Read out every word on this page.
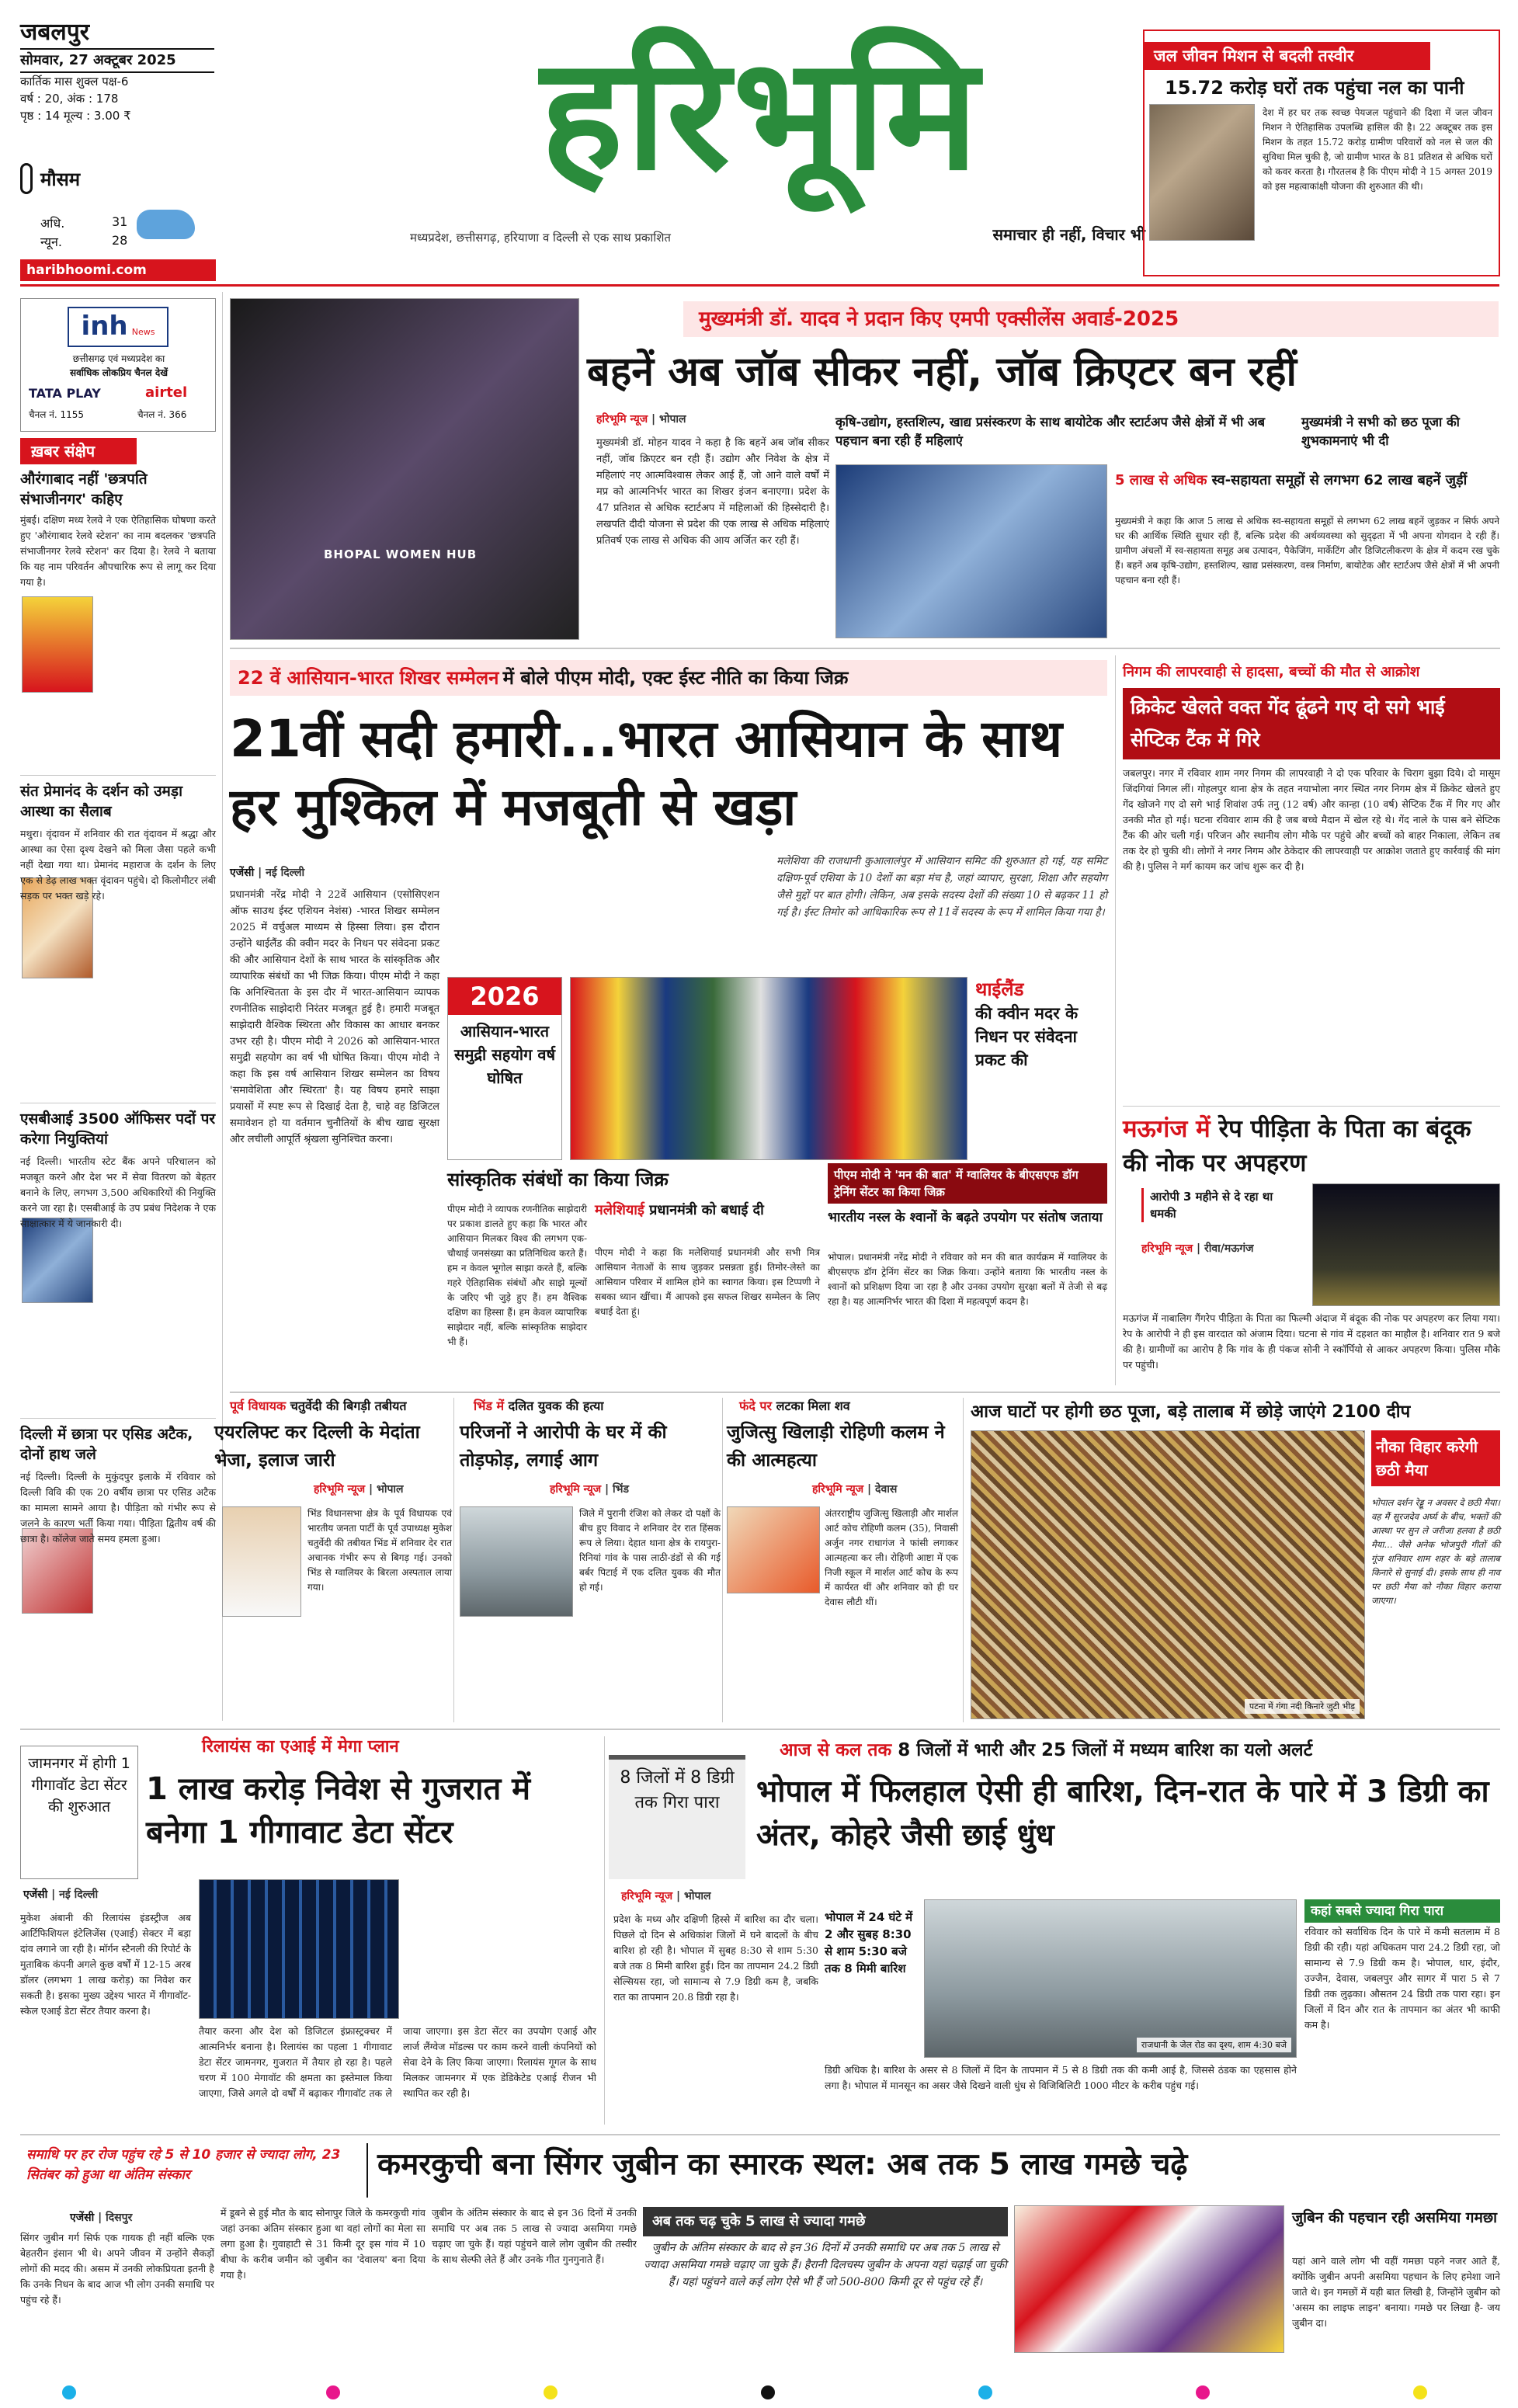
जबलपुर
सोमवार, 27 अक्टूबर 2025
कार्तिक मास शुक्ल पक्ष-6
वर्ष : 20, अंक : 178
पृष्ठ : 14 मूल्य : 3.00 ₹
मौसम
अधि.	31
न्यून.	28
haribhoomi.com
हरिभूमि
मध्यप्रदेश, छत्तीसगढ़, हरियाणा व दिल्ली से एक साथ प्रकाशित	समाचार ही नहीं, विचार भी
जल जीवन मिशन से बदली तस्वीर
15.72 करोड़ घरों तक पहुंचा नल का पानी
देश में हर घर तक स्वच्छ पेयजल पहुंचाने की दिशा में जल जीवन मिशन ने ऐतिहासिक उपलब्धि हासिल की है। 22 अक्टूबर तक इस मिशन के तहत 15.72 करोड़ ग्रामीण परिवारों को नल से जल की सुविधा मिल चुकी है, जो ग्रामीण भारत के 81 प्रतिशत से अधिक घरों को कवर करता है। गौरतलब है कि पीएम मोदी ने 15 अगस्त 2019 को इस महत्वाकांक्षी योजना की शुरुआत की थी।
inh News
छत्तीसगढ़ एवं मध्यप्रदेश का
सर्वाधिक लोकप्रिय चैनल देखें
TATA PLAY	airtel
चैनल नं. 1155	चैनल नं. 366
ख़बर संक्षेप
औरंगाबाद नहीं 'छत्रपति संभाजीनगर' कहिए
मुंबई। दक्षिण मध्य रेलवे ने एक ऐतिहासिक घोषणा करते हुए 'औरंगाबाद रेलवे स्टेशन' का नाम बदलकर 'छत्रपति संभाजीनगर रेलवे स्टेशन' कर दिया है। रेलवे ने बताया कि यह नाम परिवर्तन औपचारिक रूप से लागू कर दिया गया है।
संत प्रेमानंद के दर्शन को उमड़ा आस्था का सैलाब
मथुरा। वृंदावन में शनिवार की रात वृंदावन में श्रद्धा और आस्था का ऐसा दृश्य देखने को मिला जैसा पहले कभी नहीं देखा गया था। प्रेमानंद महाराज के दर्शन के लिए एक से डेढ़ लाख भक्त वृंदावन पहुंचे। दो किलोमीटर लंबी सड़क पर भक्त खड़े रहे।
एसबीआई 3500 ऑफिसर पदों पर करेगा नियुक्तियां
नई दिल्ली। भारतीय स्टेट बैंक अपने परिचालन को मजबूत करने और देश भर में सेवा वितरण को बेहतर बनाने के लिए, लगभग 3,500 अधिकारियों की नियुक्ति करने जा रहा है। एसबीआई के उप प्रबंध निदेशक ने एक साक्षात्कार में ये जानकारी दी।
दिल्ली में छात्रा पर एसिड अटैक, दोनों हाथ जले
नई दिल्ली। दिल्ली के मुकुंदपुर इलाके में रविवार को दिल्ली विवि की एक 20 वर्षीय छात्रा पर एसिड अटैक का मामला सामने आया है। पीड़िता को गंभीर रूप से जलने के कारण भर्ती किया गया। पीड़िता द्वितीय वर्ष की छात्रा है। कॉलेज जाते समय हमला हुआ।
BHOPAL WOMEN HUB
मुख्यमंत्री डॉ. यादव ने प्रदान किए एमपी एक्सीलेंस अवार्ड-2025
बहनें अब जॉब सीकर नहीं, जॉब क्रिएटर बन रहीं
हरिभूमि न्यूज | भोपाल
मुख्यमंत्री डॉ. मोहन यादव ने कहा है कि बहनें अब जॉब सीकर नहीं, जॉब क्रिएटर बन रही हैं। उद्योग और निवेश के क्षेत्र में महिलाएं नए आत्मविश्वास लेकर आई हैं, जो आने वाले वर्षों में मप्र को आत्मनिर्भर भारत का शिखर इंजन बनाएगा। प्रदेश के 47 प्रतिशत से अधिक स्टार्टअप में महिलाओं की हिस्सेदारी है। लखपति दीदी योजना से प्रदेश की एक लाख से अधिक महिलाएं प्रतिवर्ष एक लाख से अधिक की आय अर्जित कर रही हैं।
कृषि-उद्योग, हस्तशिल्प, खाद्य प्रसंस्करण के साथ बायोटेक और स्टार्टअप जैसे क्षेत्रों में भी अब पहचान बना रही हैं महिलाएं
मुख्यमंत्री ने सभी को छठ पूजा की शुभकामनाएं भी दी
5 लाख से अधिक स्व-सहायता समूहों से लगभग 62 लाख बहनें जुड़ीं
मुख्यमंत्री ने कहा कि आज 5 लाख से अधिक स्व-सहायता समूहों से लगभग 62 लाख बहनें जुड़कर न सिर्फ अपने घर की आर्थिक स्थिति सुधार रही हैं, बल्कि प्रदेश की अर्थव्यवस्था को सुदृढ़ता में भी अपना योगदान दे रही हैं। ग्रामीण अंचलों में स्व-सहायता समूह अब उत्पादन, पैकेजिंग, मार्केटिंग और डिजिटलीकरण के क्षेत्र में कदम रख चुके हैं। बहनें अब कृषि-उद्योग, हस्तशिल्प, खाद्य प्रसंस्करण, वस्त्र निर्माण, बायोटेक और स्टार्टअप जैसे क्षेत्रों में भी अपनी पहचान बना रही हैं।
22 वें आसियान-भारत शिखर सम्मेलन में बोले पीएम मोदी, एक्ट ईस्ट नीति का किया जिक्र
21वीं सदी हमारी...भारत आसियान के साथ हर मुश्किल में मजबूती से खड़ा
एजेंसी | नई दिल्ली
मलेशिया की राजधानी कुआलालंपुर में आसियान समिट की शुरुआत हो गई, यह समिट दक्षिण-पूर्व एशिया के 10 देशों का बड़ा मंच है, जहां व्यापार, सुरक्षा, शिक्षा और सहयोग जैसे मुद्दों पर बात होगी। लेकिन, अब इसके सदस्य देशों की संख्या 10 से बढ़कर 11 हो गई है। ईस्ट तिमोर को आधिकारिक रूप से 11वें सदस्य के रूप में शामिल किया गया है।
प्रधानमंत्री नरेंद्र मोदी ने 22वें आसियान (एसोसिएशन ऑफ साउथ ईस्ट एशियन नेशंस) -भारत शिखर सम्मेलन 2025 में वर्चुअल माध्यम से हिस्सा लिया। इस दौरान उन्होंने थाईलैंड की क्वीन मदर के निधन पर संवेदना प्रकट की और आसियान देशों के साथ भारत के सांस्कृतिक और व्यापारिक संबंधों का भी जिक्र किया। पीएम मोदी ने कहा कि अनिश्चितता के इस दौर में भारत-आसियान व्यापक रणनीतिक साझेदारी निरंतर मजबूत हुई है। हमारी मजबूत साझेदारी वैश्विक स्थिरता और विकास का आधार बनकर उभर रही है। पीएम मोदी ने 2026 को आसियान-भारत समुद्री सहयोग का वर्ष भी घोषित किया। पीएम मोदी ने कहा कि इस वर्ष आसियान शिखर सम्मेलन का विषय 'समावेशिता और स्थिरता' है। यह विषय हमारे साझा प्रयासों में स्पष्ट रूप से दिखाई देता है, चाहे वह डिजिटल समावेशन हो या वर्तमान चुनौतियों के बीच खाद्य सुरक्षा और लचीली आपूर्ति श्रृंखला सुनिश्चित करना।
2026
आसियान-भारत समुद्री सहयोग वर्ष घोषित
थाईलैंड
की क्वीन मदर के निधन पर संवेदना प्रकट की
सांस्कृतिक संबंधों का किया जिक्र
पीएम मोदी ने व्यापक रणनीतिक साझेदारी पर प्रकाश डालते हुए कहा कि भारत और आसियान मिलकर विश्व की लगभग एक-चौथाई जनसंख्या का प्रतिनिधित्व करते हैं। हम न केवल भूगोल साझा करते हैं, बल्कि गहरे ऐतिहासिक संबंधों और साझे मूल्यों के जरिए भी जुड़े हुए हैं। हम वैश्विक दक्षिण का हिस्सा हैं। हम केवल व्यापारिक साझेदार नहीं, बल्कि सांस्कृतिक साझेदार भी हैं।
मलेशियाई प्रधानमंत्री को बधाई दी
पीएम मोदी ने कहा कि मलेशियाई प्रधानमंत्री और सभी मित्र आसियान नेताओं के साथ जुड़कर प्रसन्नता हुई। तिमोर-लेस्ते का आसियान परिवार में शामिल होने का स्वागत किया। इस टिप्पणी ने सबका ध्यान खींचा। मैं आपको इस सफल शिखर सम्मेलन के लिए बधाई देता हूं।
पीएम मोदी ने 'मन की बात' में ग्वालियर के बीएसएफ डॉग ट्रेनिंग सेंटर का किया जिक्र
भारतीय नस्ल के श्वानों के बढ़ते उपयोग पर संतोष जताया
भोपाल। प्रधानमंत्री नरेंद्र मोदी ने रविवार को मन की बात कार्यक्रम में ग्वालियर के बीएसएफ डॉग ट्रेनिंग सेंटर का जिक्र किया। उन्होंने बताया कि भारतीय नस्ल के श्वानों को प्रशिक्षण दिया जा रहा है और उनका उपयोग सुरक्षा बलों में तेजी से बढ़ रहा है। यह आत्मनिर्भर भारत की दिशा में महत्वपूर्ण कदम है।
निगम की लापरवाही से हादसा, बच्चों की मौत से आक्रोश
क्रिकेट खेलते वक्त गेंद ढूंढने गए दो सगे भाई सेप्टिक टैंक में गिरे
जबलपुर। नगर में रविवार शाम नगर निगम की लापरवाही ने दो एक परिवार के चिराग बुझा दिये। दो मासूम जिंदगियां निगल लीं। गोहलपुर थाना क्षेत्र के तहत नयाभोला नगर स्थित नगर निगम क्षेत्र में क्रिकेट खेलते हुए गेंद खोजने गए दो सगे भाई शिवांश उर्फ तनु (12 वर्ष) और कान्हा (10 वर्ष) सेप्टिक टैंक में गिर गए और उनकी मौत हो गई। घटना रविवार शाम की है जब बच्चे मैदान में खेल रहे थे। गेंद नाले के पास बने सेप्टिक टैंक की ओर चली गई। परिजन और स्थानीय लोग मौके पर पहुंचे और बच्चों को बाहर निकाला, लेकिन तब तक देर हो चुकी थी। लोगों ने नगर निगम और ठेकेदार की लापरवाही पर आक्रोश जताते हुए कार्रवाई की मांग की है। पुलिस ने मर्ग कायम कर जांच शुरू कर दी है।
मऊगंज में रेप पीड़िता के पिता का बंदूक की नोक पर अपहरण
आरोपी 3 महीने से दे रहा था धमकी
हरिभूमि न्यूज | रीवा/मऊगंज
मऊगंज में नाबालिग गैंगरेप पीड़िता के पिता का फिल्मी अंदाज में बंदूक की नोक पर अपहरण कर लिया गया। रेप के आरोपी ने ही इस वारदात को अंजाम दिया। घटना से गांव में दहशत का माहौल है। शनिवार रात 9 बजे की है। ग्रामीणों का आरोप है कि गांव के ही पंकज सोनी ने स्कॉर्पियो से आकर अपहरण किया। पुलिस मौके पर पहुंची।
पूर्व विधायक चतुर्वेदी की बिगड़ी तबीयत
एयरलिफ्ट कर दिल्ली के मेदांता भेजा, इलाज जारी
हरिभूमि न्यूज | भोपाल
भिंड विधानसभा क्षेत्र के पूर्व विधायक एवं भारतीय जनता पार्टी के पूर्व उपाध्यक्ष मुकेश चतुर्वेदी की तबीयत भिंड में शनिवार देर रात अचानक गंभीर रूप से बिगड़ गई। उनको भिंड से ग्वालियर के बिरला अस्पताल लाया गया।
भिंड में दलित युवक की हत्या
परिजनों ने आरोपी के घर में की तोड़फोड़, लगाई आग
हरिभूमि न्यूज | भिंड
जिले में पुरानी रंजिश को लेकर दो पक्षों के बीच हुए विवाद ने शनिवार देर रात हिंसक रूप ले लिया। देहात थाना क्षेत्र के रायपुरा-रिनियां गांव के पास लाठी-डंडों से की गई बर्बर पिटाई में एक दलित युवक की मौत हो गई।
फंदे पर लटका मिला शव
जुजित्सु खिलाड़ी रोहिणी कलम ने की आत्महत्या
हरिभूमि न्यूज | देवास
अंतरराष्ट्रीय जुजित्सु खिलाड़ी और मार्शल आर्ट कोच रोहिणी कलम (35), निवासी अर्जुन नगर राधागंज ने फांसी लगाकर आत्महत्या कर ली। रोहिणी आष्टा में एक निजी स्कूल में मार्शल आर्ट कोच के रूप में कार्यरत थीं और शनिवार को ही घर देवास लौटी थीं।
आज घाटों पर होगी छठ पूजा, बड़े तालाब में छोड़े जाएंगे 2100 दीप
पटना में गंगा नदी किनारे जुटी भीड़
नौका विहार करेगी छठी मैया
भोपाल दर्शन रेड्डू न अवसर दे छठी मैया। वह मैं सूरजदेव अर्घ्य के बीच, भक्तों की आस्था पर सुन ले जरीजा हलवा है छठी मैया... जैसे अनेक भोजपुरी गीतों की गूंज शनिवार शाम शहर के बड़े तालाब किनारे से सुनाई दी। इसके साथ ही नाव पर छठी मैया को नौका विहार कराया जाएगा।
जामनगर में होगी 1 गीगावॉट डेटा सेंटर की शुरुआत
रिलायंस का एआई में मेगा प्लान
1 लाख करोड़ निवेश से गुजरात में बनेगा 1 गीगावाट डेटा सेंटर
एजेंसी | नई दिल्ली
मुकेश अंबानी की रिलायंस इंडस्ट्रीज अब आर्टिफिशियल इंटेलिजेंस (एआई) सेक्टर में बड़ा दांव लगाने जा रही है। मॉर्गन स्टैनली की रिपोर्ट के मुताबिक कंपनी अगले कुछ वर्षों में 12-15 अरब डॉलर (लगभग 1 लाख करोड़) का निवेश कर सकती है। इसका मुख्य उद्देश्य भारत में गीगावॉट-स्केल एआई डेटा सेंटर तैयार करना है।
तैयार करना और देश को डिजिटल इंफ्रास्ट्रक्चर में आत्मनिर्भर बनाना है। रिलायंस का पहला 1 गीगावाट डेटा सेंटर जामनगर, गुजरात में तैयार हो रहा है। पहले चरण में 100 मेगावॉट की क्षमता का इस्तेमाल किया जाएगा, जिसे अगले दो वर्षों में बढ़ाकर गीगावॉट तक ले जाया जाएगा। इस डेटा सेंटर का उपयोग एआई और लार्ज लैंग्वेज मॉडल्स पर काम करने वाली कंपनियों को सेवा देने के लिए किया जाएगा। रिलायंस गूगल के साथ मिलकर जामनगर में एक डेडिकेटेड एआई रीजन भी स्थापित कर रही है।
8 जिलों में 8 डिग्री तक गिरा पारा
आज से कल तक 8 जिलों में भारी और 25 जिलों में मध्यम बारिश का यलो अलर्ट
भोपाल में फिलहाल ऐसी ही बारिश, दिन-रात के पारे में 3 डिग्री का अंतर, कोहरे जैसी छाई धुंध
हरिभूमि न्यूज | भोपाल
प्रदेश के मध्य और दक्षिणी हिस्से में बारिश का दौर चला। पिछले दो दिन से अधिकांश जिलों में घने बादलों के बीच बारिश हो रही है। भोपाल में सुबह 8:30 से शाम 5:30 बजे तक 8 मिमी बारिश हुई। दिन का तापमान 24.2 डिग्री सेल्सियस रहा, जो सामान्य से 7.9 डिग्री कम है, जबकि रात का तापमान 20.8 डिग्री रहा है।
भोपाल में 24 घंटे में 2 और सुबह 8:30 से शाम 5:30 बजे तक 8 मिमी बारिश
राजधानी के जेल रोड का दृश्य, शाम 4:30 बजे
डिग्री अधिक है। बारिश के असर से 8 जिलों में दिन के तापमान में 5 से 8 डिग्री तक की कमी आई है, जिससे ठंडक का एहसास होने लगा है। भोपाल में मानसून का असर जैसे दिखने वाली धुंध से विजिबिलिटी 1000 मीटर के करीब पहुंच गई।
कहां सबसे ज्यादा गिरा पारा
रविवार को सर्वाधिक दिन के पारे में कमी सतलाम में 8 डिग्री की रही। यहां अधिकतम पारा 24.2 डिग्री रहा, जो सामान्य से 7.9 डिग्री कम है। भोपाल, धार, इंदौर, उज्जैन, देवास, जबलपुर और सागर में पारा 5 से 7 डिग्री तक लुढ़का। औसतन 24 डिग्री तक पारा रहा। इन जिलों में दिन और रात के तापमान का अंतर भी काफी कम है।
समाधि पर हर रोज पहुंच रहे 5 से 10 हजार से ज्यादा लोग, 23 सितंबर को हुआ था अंतिम संस्कार	कमरकुची बना सिंगर जुबीन का स्मारक स्थल: अब तक 5 लाख गमछे चढ़े
एजेंसी | दिसपुर
सिंगर जुबीन गर्ग सिर्फ एक गायक ही नहीं बल्कि एक बेहतरीन इंसान भी थे। अपने जीवन में उन्होंने सैकड़ों लोगों की मदद की। असम में उनकी लोकप्रियता इतनी है कि उनके निधन के बाद आज भी लोग उनकी समाधि पर पहुंच रहे हैं।
में डूबने से हुई मौत के बाद सोनापुर जिले के कमरकुची गांव जहां उनका अंतिम संस्कार हुआ था वहां लोगों का मेला सा लगा हुआ है। गुवाहाटी से 31 किमी दूर इस गांव में 10 बीघा के करीब जमीन को जुबीन का 'देवालय' बना दिया गया है।
जुबीन के अंतिम संस्कार के बाद से इन 36 दिनों में उनकी समाधि पर अब तक 5 लाख से ज्यादा असमिया गमछे चढ़ाए जा चुके हैं। यहां पहुंचने वाले लोग जुबीन की तस्वीर के साथ सेल्फी लेते हैं और उनके गीत गुनगुनाते हैं।
अब तक चढ़ चुके 5 लाख से ज्यादा गमछे
जुबीन के अंतिम संस्कार के बाद से इन 36 दिनों में उनकी समाधि पर अब तक 5 लाख से ज्यादा असमिया गमछे चढ़ाए जा चुके हैं। हैरानी दिलचस्प जुबीन के अपना यहां चढ़ाई जा चुकी हैं। यहां पहुंचने वाले कई लोग ऐसे भी हैं जो 500-800 किमी दूर से पहुंच रहे हैं।
जुबिन की पहचान रही असमिया गमछा
यहां आने वाले लोग भी वहीं गमछा पहने नजर आते हैं, क्योंकि जुबीन अपनी असमिया पहचान के लिए हमेशा जाने जाते थे। इन गमछों में यही बात लिखी है, जिन्होंने जुबीन को 'असम का लाइफ लाइन' बनाया। गमछे पर लिखा है- जय जुबीन दा।
